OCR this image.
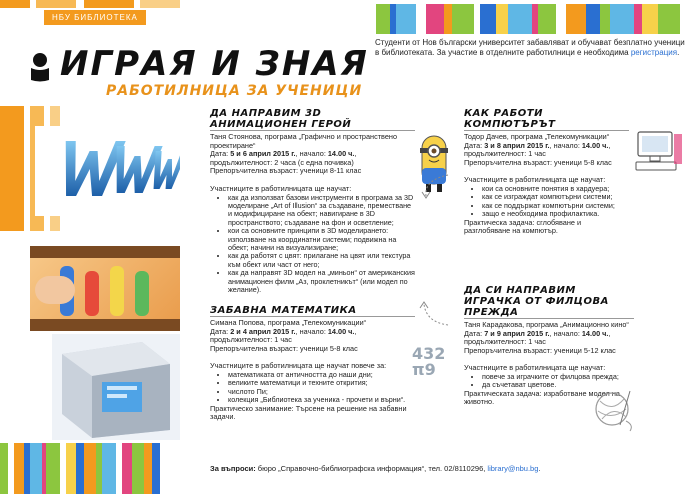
НБУ БИБЛИОТЕКА
ИГРАЯ И ЗНАЯ
РАБОТИЛНИЦА ЗА УЧЕНИЦИ
Студенти от Нов български университет забавляват и обучават безплатно ученици в библиотеката. За участие в отделните работилници е необходима регистрация.
ДА НАПРАВИМ 3D АНИМАЦИОНЕН ГЕРОЙ
Таня Стоянова, програма „Графично и пространствено проектиране“
Дата: 5 и 6 април 2015 г., начало: 14.00 ч., продължителност: 2 часа (с една почивка)
Препоръчителна възраст: ученици 8-11 клас
Участниците в работилницата ще научат:
• как да използват базови инструменти в програма за 3D моделиране „Art of Illusion“ за създаване, преместване и модифициране на обект; навигиране в 3D пространството; създаване на фон и осветление;
• кои са основните принципи в 3D моделирането: използване на координатни системи; подвижна на обект; начини на визуализиране;
• как да работят с цвят: прилагане на цвят или текстура към обект или част от него;
• как да направят 3D модел на „миньон“ от американския анимационен филм „Аз, проклетникът“ (или модел по желание).
КАК РАБОТИ КОМПЮТЪРЪТ
Тодор Дачев, програма „Телекомуникации“
Дата: 3 и 8 април 2015 г., начало: 14.00 ч., продължителност: 1 час
Препоръчителна възраст: ученици 5-8 клас
Участниците в работилницата ще научат:
• кои са основните понятия в хардуера;
• как се изграждат компютърни системи;
• как се поддържат компютърни системи;
• защо е необходима профилактика.
Практическа задача: сглобяване и разглобяване на компютър.
ЗАБАВНА МАТЕМАТИКА
Симана Попова, програма „Телекомуникации“
Дата: 2 и 4 април 2015 г., начало: 14.00 ч., продължителност: 1 час
Препоръчителна възраст: ученици 5-8 клас
Участниците в работилницата ще научат повече за:
• математиката от античността до наши дни;
• великите математици и техните открития;
• числото Пи;
• колекция „Библиотека за ученика - прочети и върни“.
Практическо занимание: Търсене на решение на забавни задачи.
432π9
ДА СИ НАПРАВИМ ИГРАЧКА ОТ ФИЛЦОВА ПРЕЖДА
Таня Карадакова, програма „Анимационно кино“
Дата: 7 и 9 април 2015 г., начало: 14.00 ч., продължителност: 1 час
Препоръчителна възраст: ученици 5-12 клас
Участниците в работилницата ще научат:
• повече за играчките от филцова прежда;
• да съчетават цветове.
Практическата задача: изработване модел на животно.
За въпроси: бюро „Справочно-библиографска информация“, тел. 02/8110296, library@nbu.bg.
